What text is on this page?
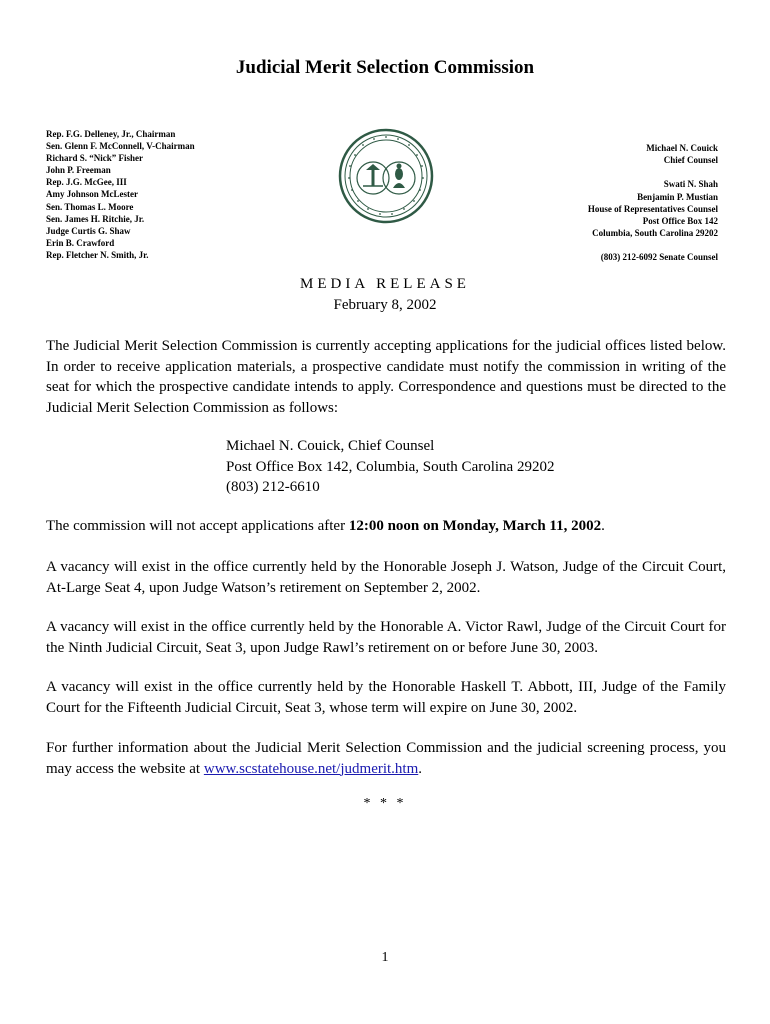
Judicial Merit Selection Commission
Rep. F.G. Delleney, Jr., Chairman
Sen. Glenn F. McConnell, V-Chairman
Richard S. “Nick” Fisher
John P. Freeman
Rep. J.G. McGee, III
Amy Johnson McLester
Sen. Thomas L. Moore
Sen. James H. Ritchie, Jr.
Judge Curtis G. Shaw
Erin B. Crawford
Rep. Fletcher N. Smith, Jr.
Michael N. Couick
Chief Counsel
Swati N. Shah
Benjamin P. Mustian
House of Representatives Counsel
Post Office Box 142
Columbia, South Carolina 29202
(803) 212-6092 Senate Counsel
MEDIA RELEASE
February 8, 2002
The Judicial Merit Selection Commission is currently accepting applications for the judicial offices listed below. In order to receive application materials, a prospective candidate must notify the commission in writing of the seat for which the prospective candidate intends to apply. Correspondence and questions must be directed to the Judicial Merit Selection Commission as follows:
Michael N. Couick, Chief Counsel
Post Office Box 142, Columbia, South Carolina 29202
(803) 212-6610
The commission will not accept applications after 12:00 noon on Monday, March 11, 2002.
A vacancy will exist in the office currently held by the Honorable Joseph J. Watson, Judge of the Circuit Court, At-Large Seat 4, upon Judge Watson’s retirement on September 2, 2002.
A vacancy will exist in the office currently held by the Honorable A. Victor Rawl, Judge of the Circuit Court for the Ninth Judicial Circuit, Seat 3, upon Judge Rawl’s retirement on or before June 30, 2003.
A vacancy will exist in the office currently held by the Honorable Haskell T. Abbott, III, Judge of the Family Court for the Fifteenth Judicial Circuit, Seat 3, whose term will expire on June 30, 2002.
For further information about the Judicial Merit Selection Commission and the judicial screening process, you may access the website at www.scstatehouse.net/judmerit.htm.
* * *
1
